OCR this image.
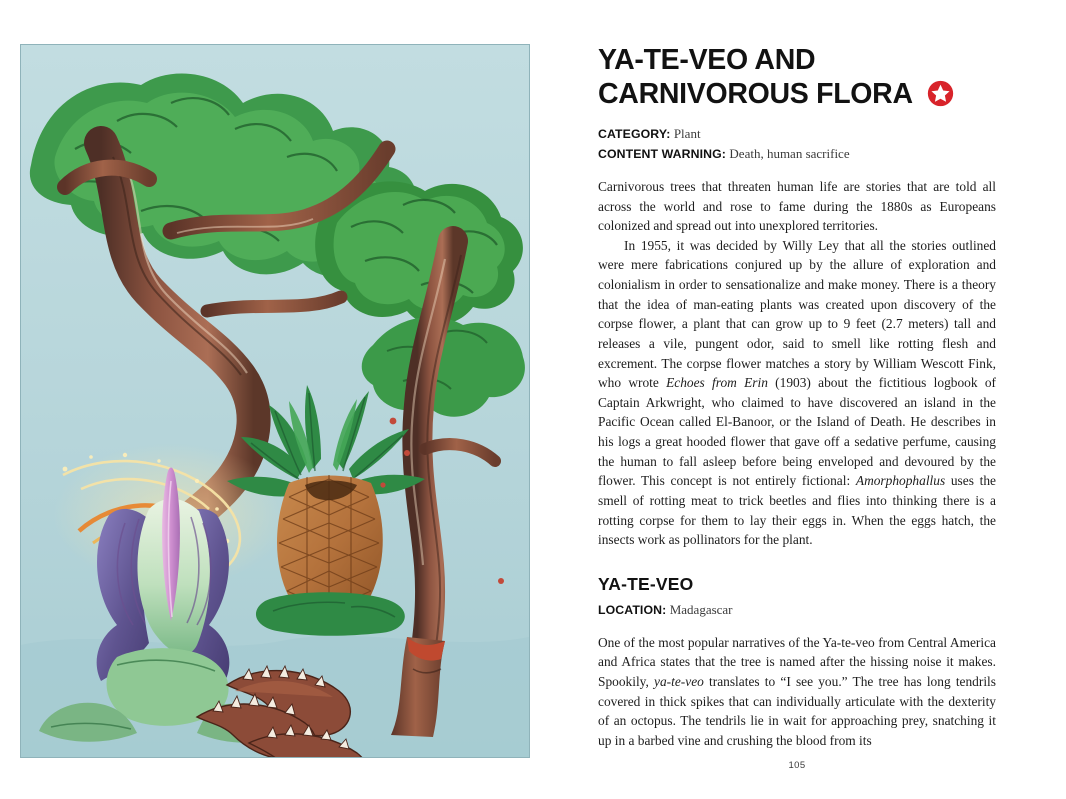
YA-TE-VEO AND
CARNIVOROUS FLORA
CATEGORY: Plant
CONTENT WARNING: Death, human sacrifice

Carnivorous trees that threaten human life are stories that are told all across the world and rose to fame during the 1880s as Europeans colonized and spread out into unexplored territories.

In 1955, it was decided by Willy Ley that all the stories outlined were mere fabrications conjured up by the allure of exploration and colonialism in order to sensationalize and make money. There is a theory that the idea of man-eating plants was created upon discovery of the corpse flower, a plant that can grow up to 9 feet (2.7 meters) tall and releases a vile, pungent odor, said to smell like rotting flesh and excrement. The corpse flower matches a story by William Wescott Fink, who wrote Echoes from Erin (1903) about the fictitious logbook of Captain Arkwright, who claimed to have discovered an island in the Pacific Ocean called El-Banoor, or the Island of Death. He describes in his logs a great hooded flower that gave off a sedative perfume, causing the human to fall asleep before being enveloped and devoured by the flower. This concept is not entirely fictional: Amorphophallus uses the smell of rotting meat to trick beetles and flies into thinking there is a rotting corpse for them to lay their eggs in. When the eggs hatch, the insects work as pollinators for the plant.

YA-TE-VEO
LOCATION: Madagascar

One of the most popular narratives of the Ya-te-veo from Central America and Africa states that the tree is named after the hissing noise it makes. Spookily, ya-te-veo translates to “I see you.” The tree has long tendrils covered in thick spikes that can individually articulate with the dexterity of an octopus. The tendrils lie in wait for approaching prey, snatching it up in a barbed vine and crushing the blood from its

105
